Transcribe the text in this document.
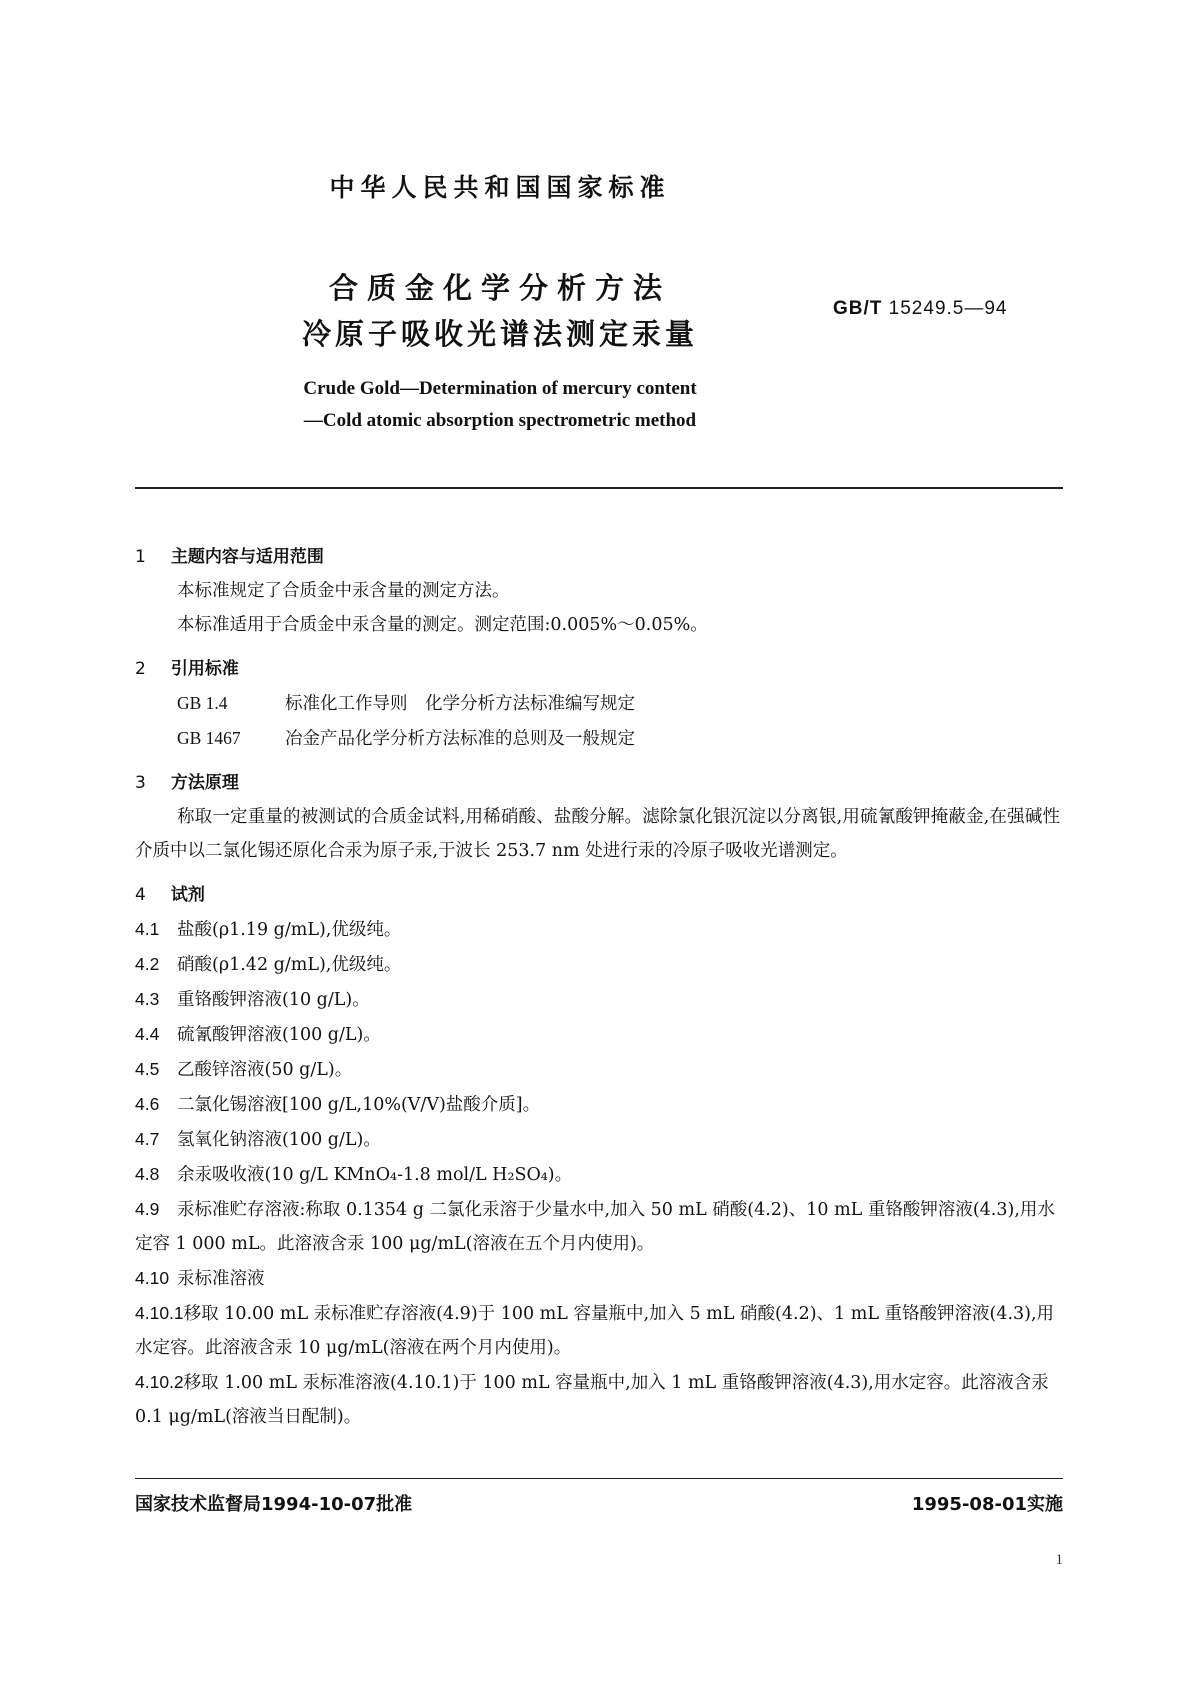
中华人民共和国国家标准
合质金化学分析方法
冷原子吸收光谱法测定汞量
GB/T 15249.5—94
Crude Gold—Determination of mercury content
—Cold atomic absorption spectrometric method
1 主题内容与适用范围
本标准规定了合质金中汞含量的测定方法。
本标准适用于合质金中汞含量的测定。测定范围:0.005%～0.05%。
2 引用标准
GB 1.4	标准化工作导则　化学分析方法标准编写规定
GB 1467	冶金产品化学分析方法标准的总则及一般规定
3 方法原理
称取一定重量的被测试的合质金试料,用稀硝酸、盐酸分解。滤除氯化银沉淀以分离银,用硫氰酸钾掩蔽金,在强碱性介质中以二氯化锡还原化合汞为原子汞,于波长 253.7 nm 处进行汞的冷原子吸收光谱测定。
4 试剂
4.1 盐酸(ρ1.19 g/mL),优级纯。
4.2 硝酸(ρ1.42 g/mL),优级纯。
4.3 重铬酸钾溶液(10 g/L)。
4.4 硫氰酸钾溶液(100 g/L)。
4.5 乙酸锌溶液(50 g/L)。
4.6 二氯化锡溶液[100 g/L,10%(V/V)盐酸介质]。
4.7 氢氧化钠溶液(100 g/L)。
4.8 余汞吸收液(10 g/L KMnO₄-1.8 mol/L H₂SO₄)。
4.9 汞标准贮存溶液:称取 0.1354 g 二氯化汞溶于少量水中,加入 50 mL 硝酸(4.2)、10 mL 重铬酸钾溶液(4.3),用水定容 1 000 mL。此溶液含汞 100 μg/mL(溶液在五个月内使用)。
4.10 汞标准溶液
4.10.1移取 10.00 mL 汞标准贮存溶液(4.9)于 100 mL 容量瓶中,加入 5 mL 硝酸(4.2)、1 mL 重铬酸钾溶液(4.3),用水定容。此溶液含汞 10 μg/mL(溶液在两个月内使用)。
4.10.2移取 1.00 mL 汞标准溶液(4.10.1)于 100 mL 容量瓶中,加入 1 mL 重铬酸钾溶液(4.3),用水定容。此溶液含汞 0.1 μg/mL(溶液当日配制)。
国家技术监督局1994-10-07批准	1995-08-01实施
1
